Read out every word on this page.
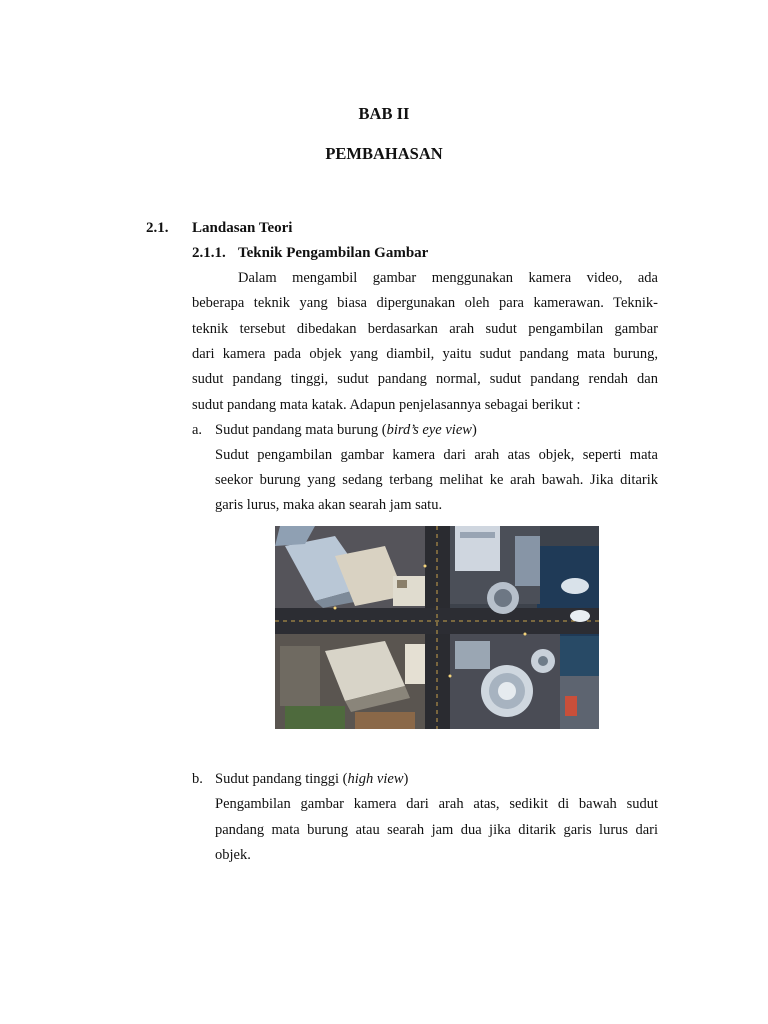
BAB II
PEMBAHASAN
2.1. Landasan Teori
2.1.1. Teknik Pengambilan Gambar
Dalam mengambil gambar menggunakan kamera video, ada
beberapa teknik yang biasa dipergunakan oleh para kamerawan. Teknik-
teknik tersebut dibedakan berdasarkan arah sudut pengambilan gambar
dari kamera pada objek yang diambil, yaitu sudut pandang mata burung,
sudut pandang tinggi, sudut pandang normal, sudut pandang rendah dan
sudut pandang mata katak. Adapun penjelasannya sebagai berikut :
a. Sudut pandang mata burung (bird’s eye view)
Sudut pengambilan gambar kamera dari arah atas objek, seperti mata
seekor burung yang sedang terbang melihat ke arah bawah. Jika ditarik
garis lurus, maka akan searah jam satu.
b. Sudut pandang tinggi (high view)
Pengambilan gambar kamera dari arah atas, sedikit di bawah sudut
pandang mata burung atau searah jam dua jika ditarik garis lurus dari
objek.
